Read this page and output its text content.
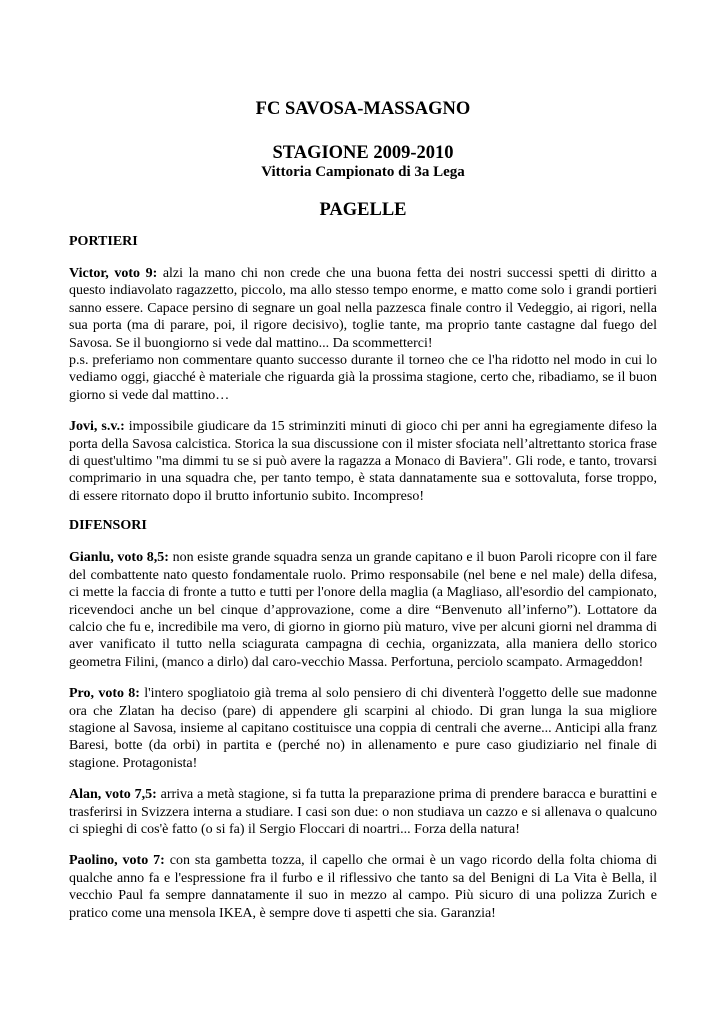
FC SAVOSA-MASSAGNO
STAGIONE 2009-2010
Vittoria Campionato di 3a Lega
PAGELLE
PORTIERI

Victor, voto 9: alzi la mano chi non crede che una buona fetta dei nostri successi spetti di diritto a questo indiavolato ragazzetto, piccolo, ma allo stesso tempo enorme, e matto come solo i grandi portieri sanno essere. Capace persino di segnare un goal nella pazzesca finale contro il Vedeggio, ai rigori, nella sua porta (ma di parare, poi, il rigore decisivo), toglie tante, ma proprio tante castagne dal fuego del Savosa. Se il buongiorno si vede dal mattino... Da scommetterci!

p.s. preferiamo non commentare quanto successo durante il torneo che ce l'ha ridotto nel modo in cui lo vediamo oggi, giacché è materiale che riguarda già la prossima stagione, certo che, ribadiamo, se il buon giorno si vede dal mattino…

Jovi, s.v.: impossibile giudicare da 15 striminziti minuti di gioco chi per anni ha egregiamente difeso la porta della Savosa calcistica. Storica la sua discussione con il mister sfociata nell’altrettanto storica frase di quest'ultimo "ma dimmi tu se si può avere la ragazza a Monaco di Baviera". Gli rode, e tanto, trovarsi comprimario in una squadra che, per tanto tempo, è stata dannatamente sua e sottovaluta, forse troppo, di essere ritornato dopo il brutto infortunio subito. Incompreso!

DIFENSORI

Gianlu, voto 8,5: non esiste grande squadra senza un grande capitano e il buon Paroli ricopre con il fare del combattente nato questo fondamentale ruolo. Primo responsabile (nel bene e nel male) della difesa, ci mette la faccia di fronte a tutto e tutti per l'onore della maglia (a Magliaso, all'esordio del campionato, ricevendoci anche un bel cinque d’approvazione, come a dire “Benvenuto all’inferno”). Lottatore da calcio che fu e, incredibile ma vero, di giorno in giorno più maturo, vive per alcuni giorni nel dramma di aver vanificato il tutto nella sciagurata campagna di cechia, organizzata, alla maniera dello storico geometra Filini, (manco a dirlo) dal caro-vecchio Massa. Perfortuna, perciolo scampato. Armageddon!

Pro, voto 8: l'intero spogliatoio già trema al solo pensiero di chi diventerà l'oggetto delle sue madonne ora che Zlatan ha deciso (pare) di appendere gli scarpini al chiodo. Di gran lunga la sua migliore stagione al Savosa, insieme al capitano costituisce una coppia di centrali che averne... Anticipi alla franz Baresi, botte (da orbi) in partita e (perché no) in allenamento e pure caso giudiziario nel finale di stagione. Protagonista!

Alan, voto 7,5: arriva a metà stagione, si fa tutta la preparazione prima di prendere baracca e burattini e trasferirsi in Svizzera interna a studiare. I casi son due: o non studiava un cazzo e si allenava o qualcuno ci spieghi di cos'è fatto (o si fa) il Sergio Floccari di noartri... Forza della natura!

Paolino, voto 7: con sta gambetta tozza, il capello che ormai è un vago ricordo della folta chioma di qualche anno fa e l'espressione fra il furbo e il riflessivo che tanto sa del Benigni di La Vita è Bella, il vecchio Paul fa sempre dannatamente il suo in mezzo al campo. Più sicuro di una polizza Zurich e pratico come una mensola IKEA, è sempre dove ti aspetti che sia. Garanzia!
